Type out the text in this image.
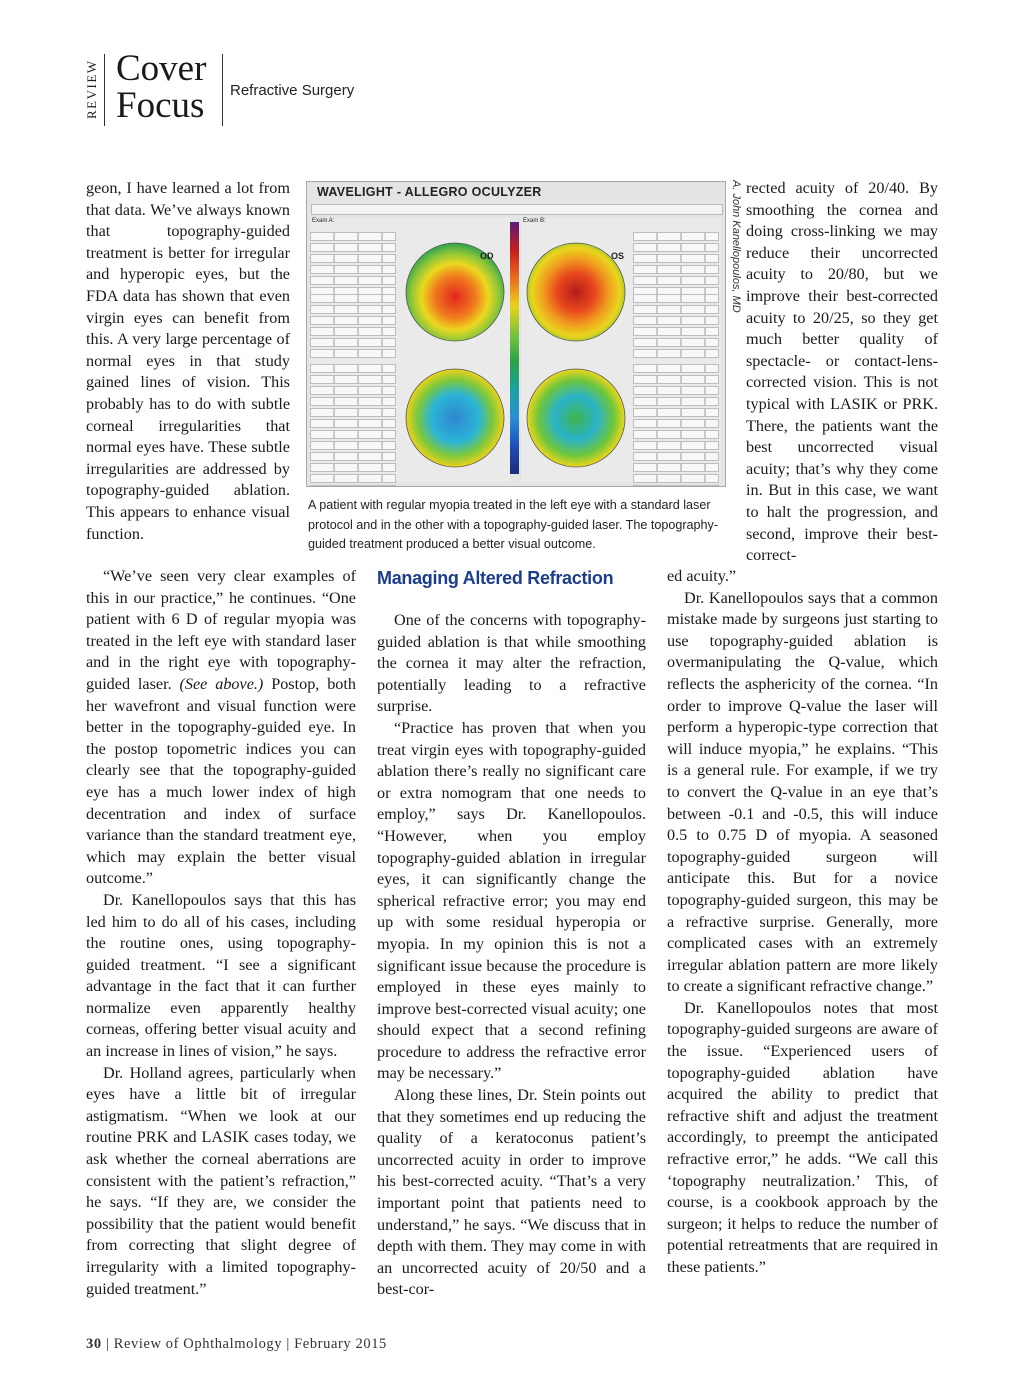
REVIEW Cover
Focus Refractive Surgery

geon, I have learned a lot from that data. We’ve always known that topography-guided treatment is better for irregular and hyperopic eyes, but the FDA data has shown that even virgin eyes can benefit from this. A very large percentage of normal eyes in that study gained lines of vision. This probably has to do with subtle corneal irregularities that normal eyes have. These subtle irregularities are addressed by topography-guided ablation. This appears to enhance visual function.

WAVELIGHT - ALLEGRO OCULYZER
Exam A:
OD
Exam B:
OS	A. John Kanellopoulos, MD
A patient with regular myopia treated in the left eye with a standard laser protocol and in the other with a topography-guided laser. The topography-guided treatment produced a better visual outcome.

rected acuity of 20/40. By smoothing the cornea and doing cross-linking we may reduce their uncorrected acuity to 20/80, but we improve their best-corrected acuity to 20/25, so they get much better quality of spectacle- or contact-lens-corrected vision. This is not typical with LASIK or PRK. There, the patients want the best uncorrected visual acuity; that’s why they come in. But in this case, we want to halt the progression, and second, improve their best-correct-

“We’ve seen very clear examples of this in our practice,” he continues. “One patient with 6 D of regular myopia was treated in the left eye with standard laser and in the right eye with topography-guided laser. (See above.) Postop, both her wavefront and visual function were better in the topography-guided eye. In the postop topometric indices you can clearly see that the topography-guided eye has a much lower index of high decentration and index of surface variance than the standard treatment eye, which may explain the better visual outcome.”

Dr. Kanellopoulos says that this has led him to do all of his cases, including the routine ones, using topography-guided treatment. “I see a significant advantage in the fact that it can further normalize even apparently healthy corneas, offering better visual acuity and an increase in lines of vision,” he says.

Dr. Holland agrees, particularly when eyes have a little bit of irregular astigmatism. “When we look at our routine PRK and LASIK cases today, we ask whether the corneal aberrations are consistent with the patient’s refraction,” he says. “If they are, we consider the possibility that the patient would benefit from correcting that slight degree of irregularity with a limited topography-guided treatment.”

Managing Altered Refraction

One of the concerns with topography-guided ablation is that while smoothing the cornea it may alter the refraction, potentially leading to a refractive surprise.

“Practice has proven that when you treat virgin eyes with topography-guided ablation there’s really no significant care or extra nomogram that one needs to employ,” says Dr. Kanellopoulos. “However, when you employ topography-guided ablation in irregular eyes, it can significantly change the spherical refractive error; you may end up with some residual hyperopia or myopia. In my opinion this is not a significant issue because the procedure is employed in these eyes mainly to improve best-corrected visual acuity; one should expect that a second refining procedure to address the refractive error may be necessary.”

Along these lines, Dr. Stein points out that they sometimes end up reducing the quality of a keratoconus patient’s uncorrected acuity in order to improve his best-corrected acuity. “That’s a very important point that patients need to understand,” he says. “We discuss that in depth with them. They may come in with an uncorrected acuity of 20/50 and a best-cor-

ed acuity.”

Dr. Kanellopoulos says that a common mistake made by surgeons just starting to use topography-guided ablation is overmanipulating the Q-value, which reflects the asphericity of the cornea. “In order to improve Q-value the laser will perform a hyperopic-type correction that will induce myopia,” he explains. “This is a general rule. For example, if we try to convert the Q-value in an eye that’s between -0.1 and -0.5, this will induce 0.5 to 0.75 D of myopia. A seasoned topography-guided surgeon will anticipate this. But for a novice topography-guided surgeon, this may be a refractive surprise. Generally, more complicated cases with an extremely irregular ablation pattern are more likely to create a significant refractive change.”

Dr. Kanellopoulos notes that most topography-guided surgeons are aware of the issue. “Experienced users of topography-guided ablation have acquired the ability to predict that refractive shift and adjust the treatment accordingly, to preempt the anticipated refractive error,” he adds. “We call this ‘topography neutralization.’ This, of course, is a cookbook approach by the surgeon; it helps to reduce the number of potential retreatments that are required in these patients.”

30 | Review of Ophthalmology | February 2015
